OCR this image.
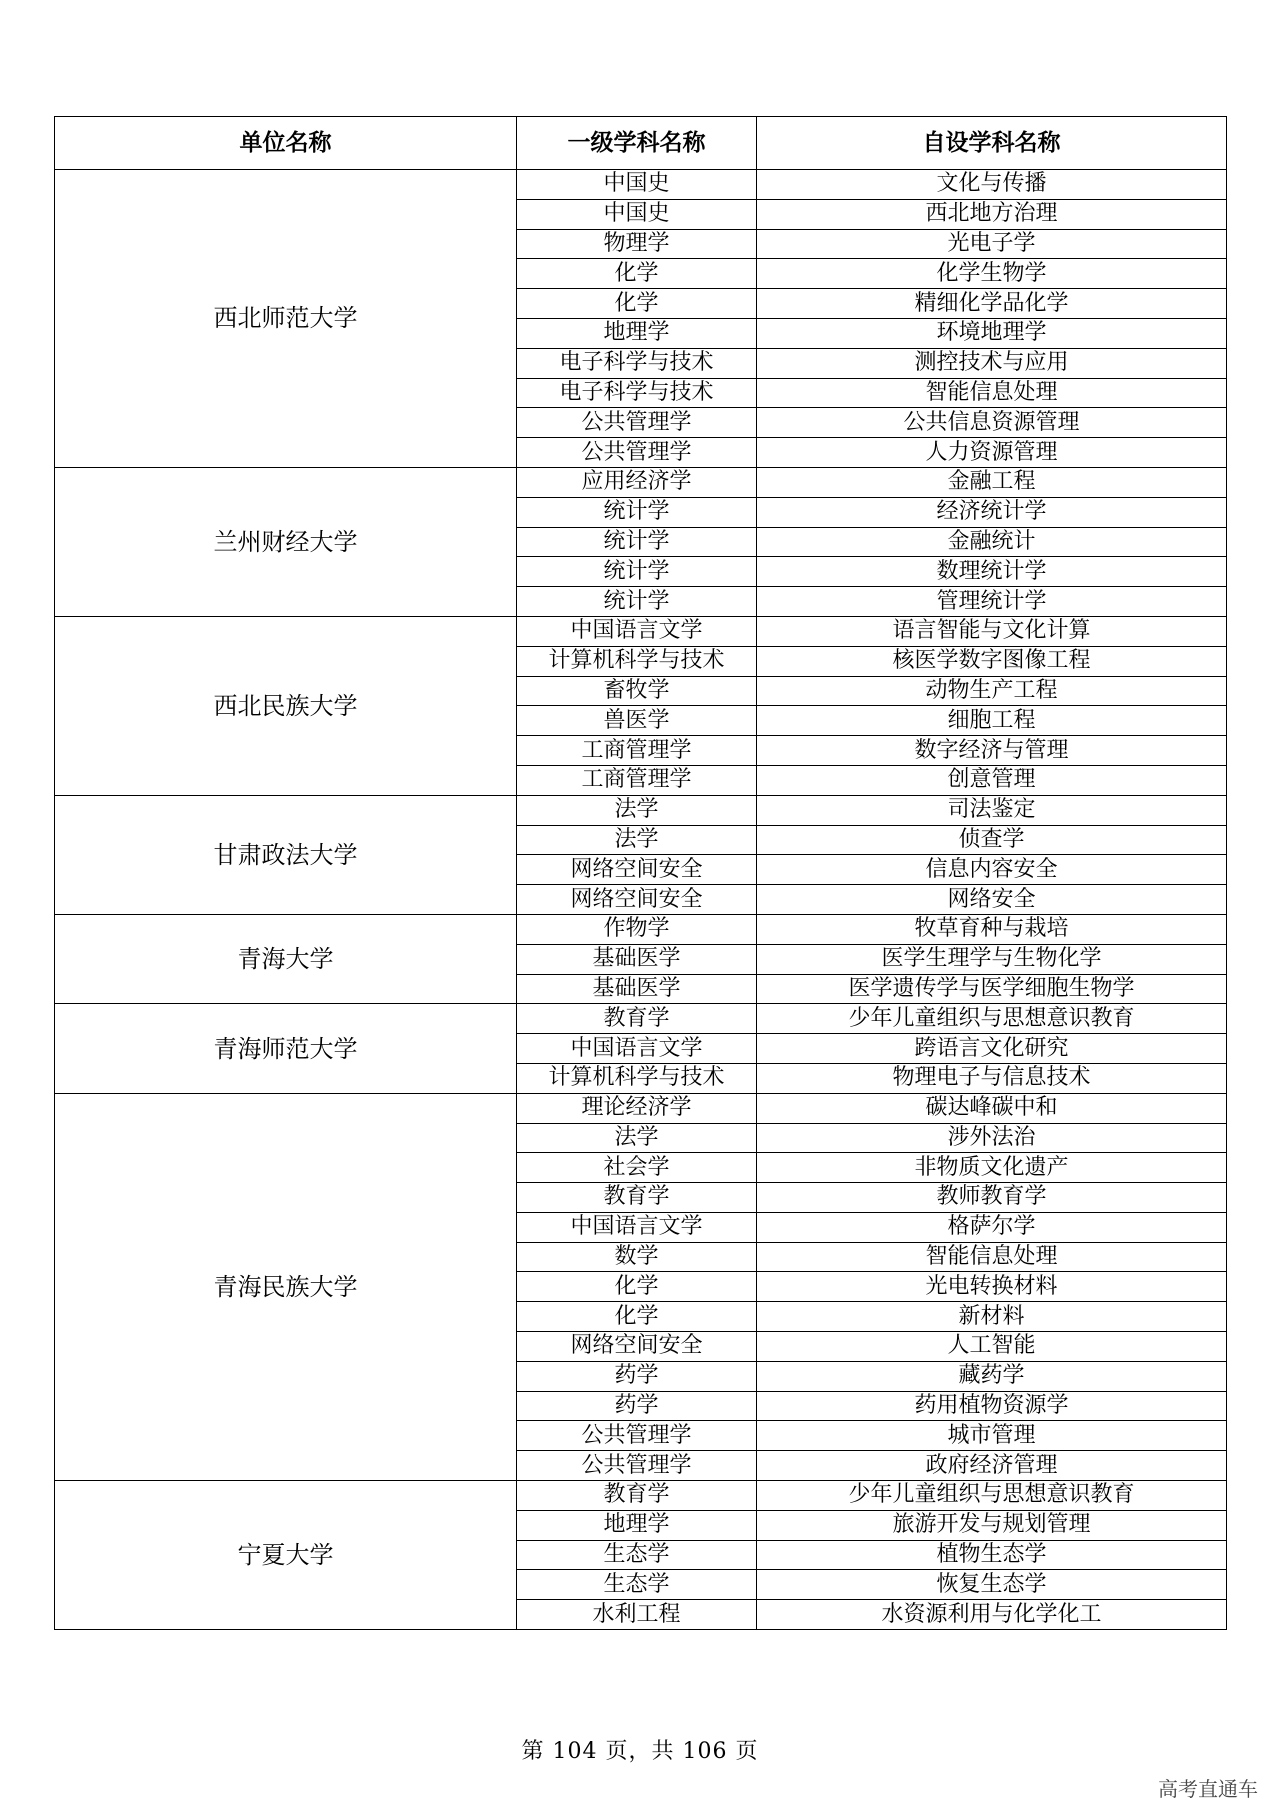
单位名称	一级学科名称	自设学科名称
西北师范大学	中国史	文化与传播
	中国史	西北地方治理
	物理学	光电子学
	化学	化学生物学
	化学	精细化学品化学
	地理学	环境地理学
	电子科学与技术	测控技术与应用
	电子科学与技术	智能信息处理
	公共管理学	公共信息资源管理
	公共管理学	人力资源管理
兰州财经大学	应用经济学	金融工程
	统计学	经济统计学
	统计学	金融统计
	统计学	数理统计学
	统计学	管理统计学
西北民族大学	中国语言文学	语言智能与文化计算
	计算机科学与技术	核医学数字图像工程
	畜牧学	动物生产工程
	兽医学	细胞工程
	工商管理学	数字经济与管理
	工商管理学	创意管理
甘肃政法大学	法学	司法鉴定
	法学	侦查学
	网络空间安全	信息内容安全
	网络空间安全	网络安全
青海大学	作物学	牧草育种与栽培
	基础医学	医学生理学与生物化学
	基础医学	医学遗传学与医学细胞生物学
青海师范大学	教育学	少年儿童组织与思想意识教育
	中国语言文学	跨语言文化研究
	计算机科学与技术	物理电子与信息技术
青海民族大学	理论经济学	碳达峰碳中和
	法学	涉外法治
	社会学	非物质文化遗产
	教育学	教师教育学
	中国语言文学	格萨尔学
	数学	智能信息处理
	化学	光电转换材料
	化学	新材料
	网络空间安全	人工智能
	药学	藏药学
	药学	药用植物资源学
	公共管理学	城市管理
	公共管理学	政府经济管理
宁夏大学	教育学	少年儿童组织与思想意识教育
	地理学	旅游开发与规划管理
	生态学	植物生态学
	生态学	恢复生态学
	水利工程	水资源利用与化学化工
第 104 页，共 106 页
高考直通车
